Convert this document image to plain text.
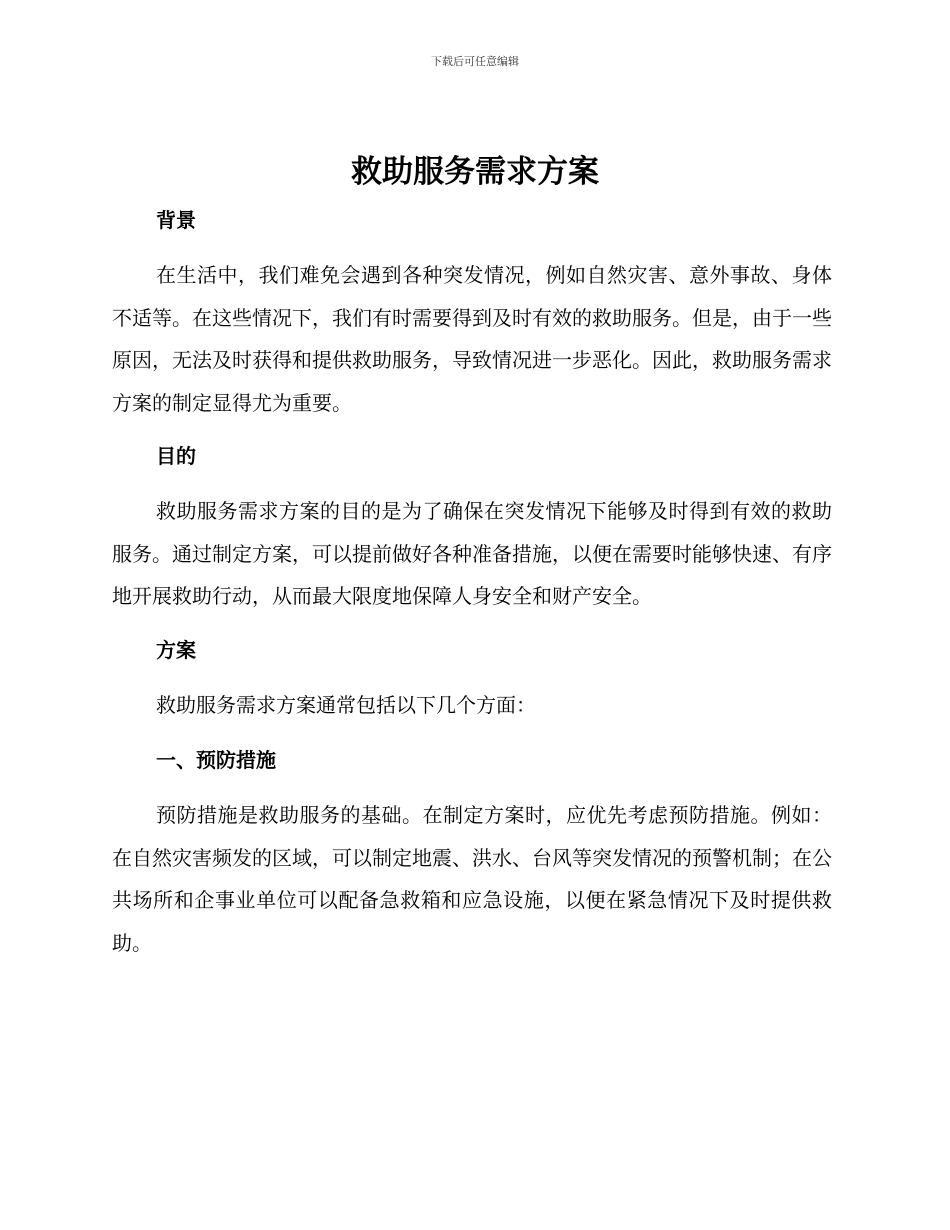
下载后可任意编辑
救助服务需求方案
背景

在生活中，我们难免会遇到各种突发情况，例如自然灾害、意外事故、身体不适等。在这些情况下，我们有时需要得到及时有效的救助服务。但是，由于一些原因，无法及时获得和提供救助服务，导致情况进一步恶化。因此，救助服务需求方案的制定显得尤为重要。

目的

救助服务需求方案的目的是为了确保在突发情况下能够及时得到有效的救助服务。通过制定方案，可以提前做好各种准备措施，以便在需要时能够快速、有序地开展救助行动，从而最大限度地保障人身安全和财产安全。

方案

救助服务需求方案通常包括以下几个方面：

一、预防措施

预防措施是救助服务的基础。在制定方案时，应优先考虑预防措施。例如：在自然灾害频发的区域，可以制定地震、洪水、台风等突发情况的预警机制；在公共场所和企事业单位可以配备急救箱和应急设施，以便在紧急情况下及时提供救助。
